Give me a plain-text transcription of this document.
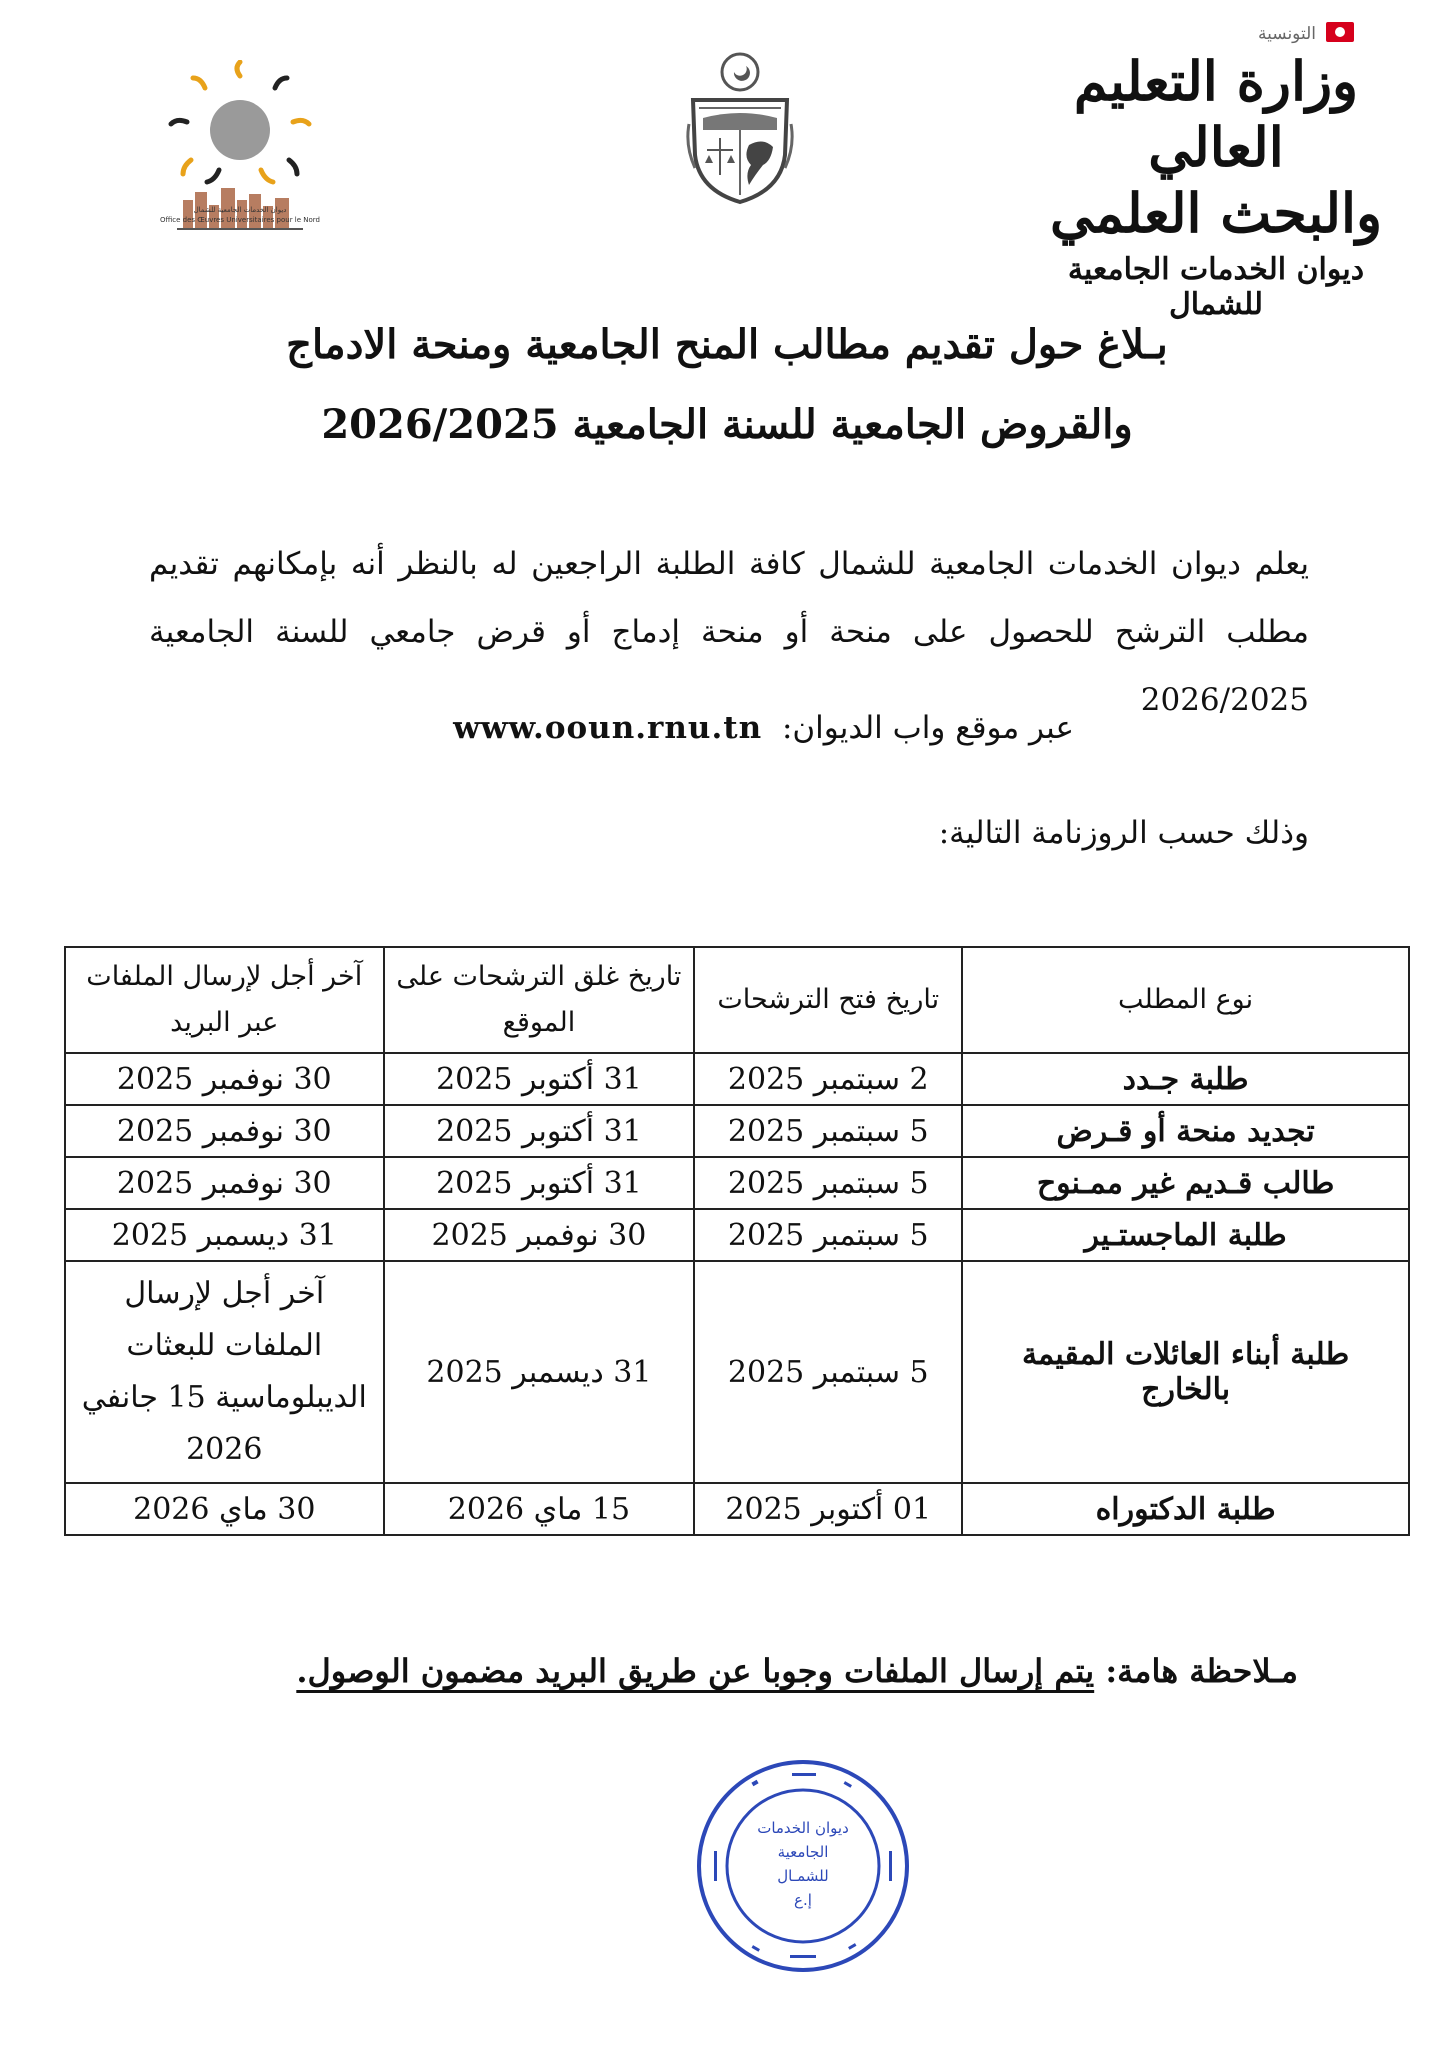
التونسية
وزارة التعليم العالي
والبحث العلمي
ديوان الخدمات الجامعية للشمال
ديوان الخدمات الجامعية للشمال
Office des Œuvres Universitaires pour le Nord
بـلاغ حول تقديم مطالب المنح الجامعية ومنحة الادماج
والقروض الجامعية للسنة الجامعية 2026/2025
يعلم ديوان الخدمات الجامعية للشمال كافة الطلبة الراجعين له بالنظر أنه بإمكانهم تقديم مطلب الترشح للحصول على منحة أو منحة إدماج أو قرض جامعي للسنة الجامعية 2026/2025
عبر موقع واب الديوان: www.ooun.rnu.tn
وذلك حسب الروزنامة التالية:
نوع المطلب	تاريخ فتح الترشحات	تاريخ غلق الترشحات على الموقع	آخر أجل لإرسال الملفات عبر البريد
طلبة جـدد	2 سبتمبر 2025	31 أكتوبر 2025	30 نوفمبر 2025
تجديد منحة أو قـرض	5 سبتمبر 2025	31 أكتوبر 2025	30 نوفمبر 2025
طالب قـديم غير ممـنوح	5 سبتمبر 2025	31 أكتوبر 2025	30 نوفمبر 2025
طلبة الماجستـير	5 سبتمبر 2025	30 نوفمبر 2025	31 ديسمبر 2025
طلبة أبناء العائلات المقيمة بالخارج	5 سبتمبر 2025	31 ديسمبر 2025	آخر أجل لإرسال الملفات للبعثات الديبلوماسية 15 جانفي 2026
طلبة الدكتوراه	01 أكتوبر 2025	15 ماي 2026	30 ماي 2026
مـلاحظة هامة: يتم إرسال الملفات وجوبا عن طريق البريد مضمون الوصول.
ديوان الخدمات
الجامعية
للشمـال
إ.ع
